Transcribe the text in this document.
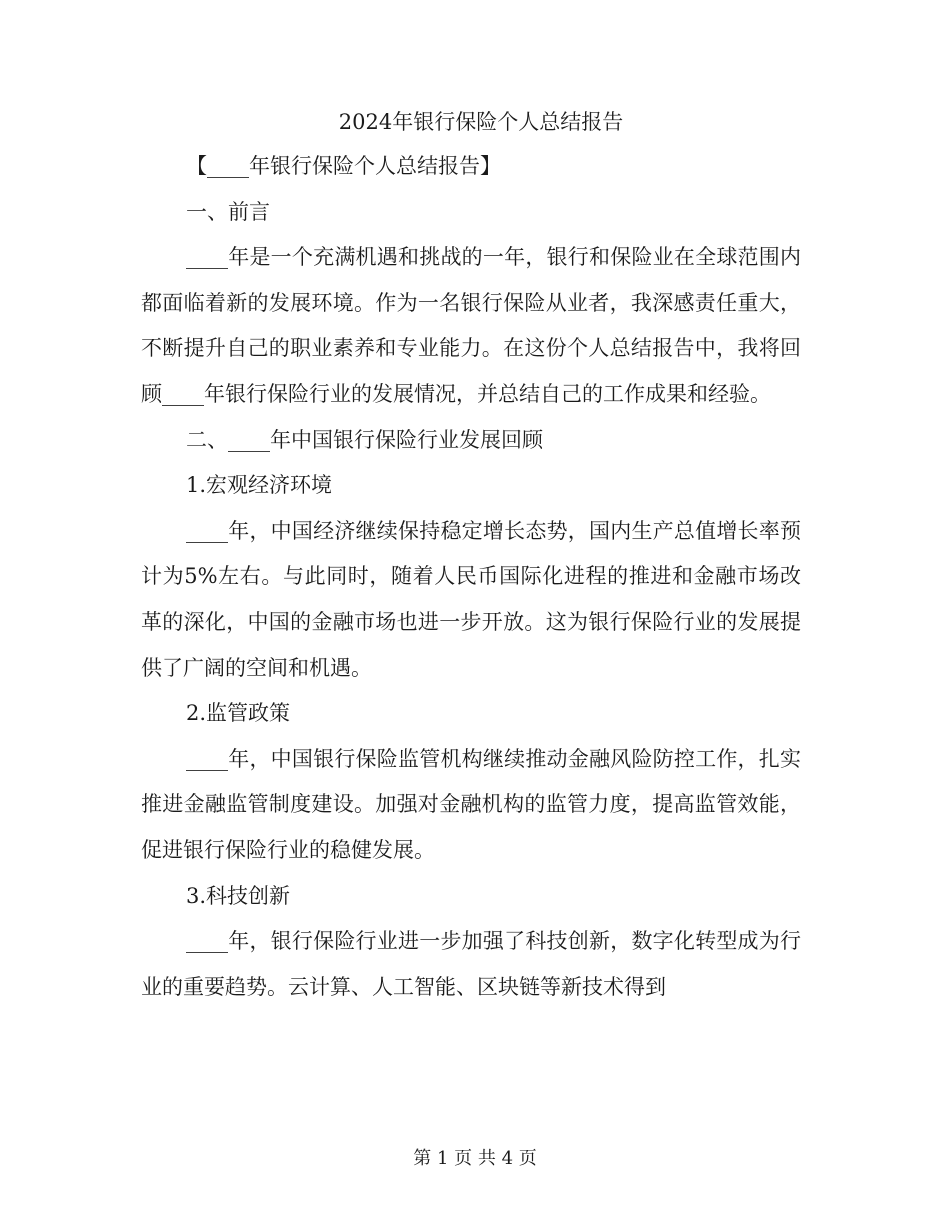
2024年银行保险个人总结报告

【____年银行保险个人总结报告】

一、前言

____年是一个充满机遇和挑战的一年，银行和保险业在全球范围内都面临着新的发展环境。作为一名银行保险从业者，我深感责任重大，不断提升自己的职业素养和专业能力。在这份个人总结报告中，我将回顾____年银行保险行业的发展情况，并总结自己的工作成果和经验。

二、____年中国银行保险行业发展回顾

1.宏观经济环境

____年，中国经济继续保持稳定增长态势，国内生产总值增长率预计为5%左右。与此同时，随着人民币国际化进程的推进和金融市场改革的深化，中国的金融市场也进一步开放。这为银行保险行业的发展提供了广阔的空间和机遇。

2.监管政策

____年，中国银行保险监管机构继续推动金融风险防控工作，扎实推进金融监管制度建设。加强对金融机构的监管力度，提高监管效能，促进银行保险行业的稳健发展。

3.科技创新

____年，银行保险行业进一步加强了科技创新，数字化转型成为行业的重要趋势。云计算、人工智能、区块链等新技术得到

第 1 页 共 4 页
